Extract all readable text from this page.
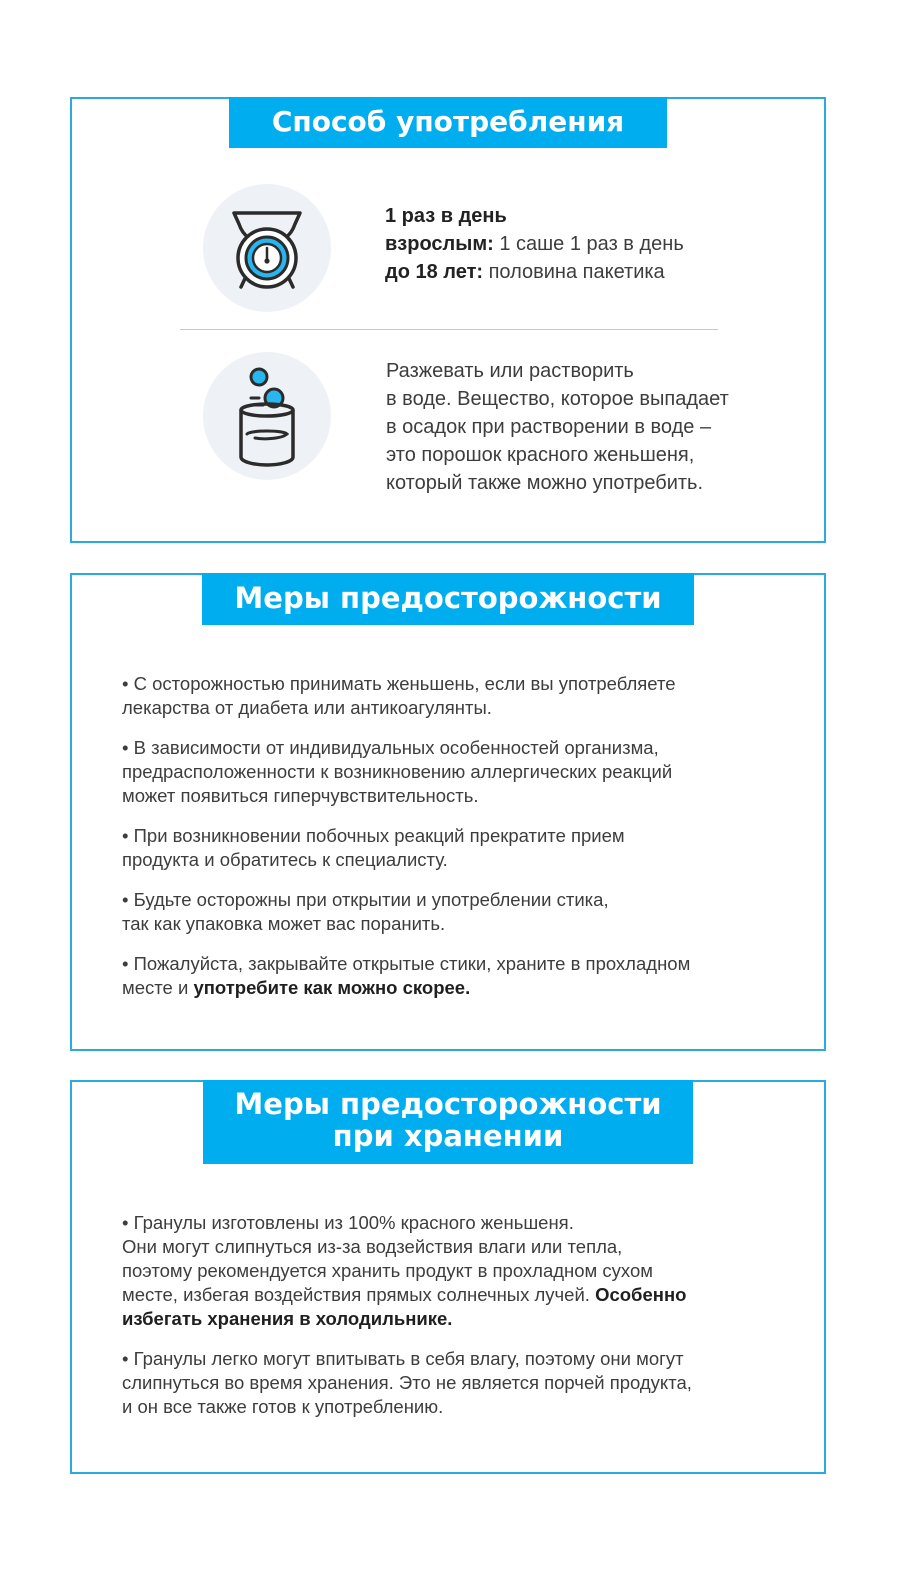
Способ употребления
1 раз в день
взрослым: 1 саше 1 раз в день
до 18 лет: половина пакетика
Разжевать или растворить
в воде. Вещество, которое выпадает
в осадок при растворении в воде –
это порошок красного женьшеня,
который также можно употребить.
Меры предосторожности
• С осторожностью принимать женьшень, если вы употребляете
лекарства от диабета или антикоагулянты.
• В зависимости от индивидуальных особенностей организма,
предрасположенности к возникновению аллергических реакций
может появиться гиперчувствительность.
• При возникновении побочных реакций прекратите прием
продукта и обратитесь к специалисту.
• Будьте осторожны при открытии и употреблении стика,
так как упаковка может вас поранить.
• Пожалуйста, закрывайте открытые стики, храните в прохладном
месте и употребите как можно скорее.
Меры предосторожности
при хранении
• Гранулы изготовлены из 100% красного женьшеня.
Они могут слипнуться из-за водзействия влаги или тепла,
поэтому рекомендуется хранить продукт в прохладном сухом
месте, избегая воздействия прямых солнечных лучей. Особенно
избегать хранения в холодильнике.
• Гранулы легко могут впитывать в себя влагу, поэтому они могут
слипнуться во время хранения. Это не является порчей продукта,
и он все также готов к употреблению.
